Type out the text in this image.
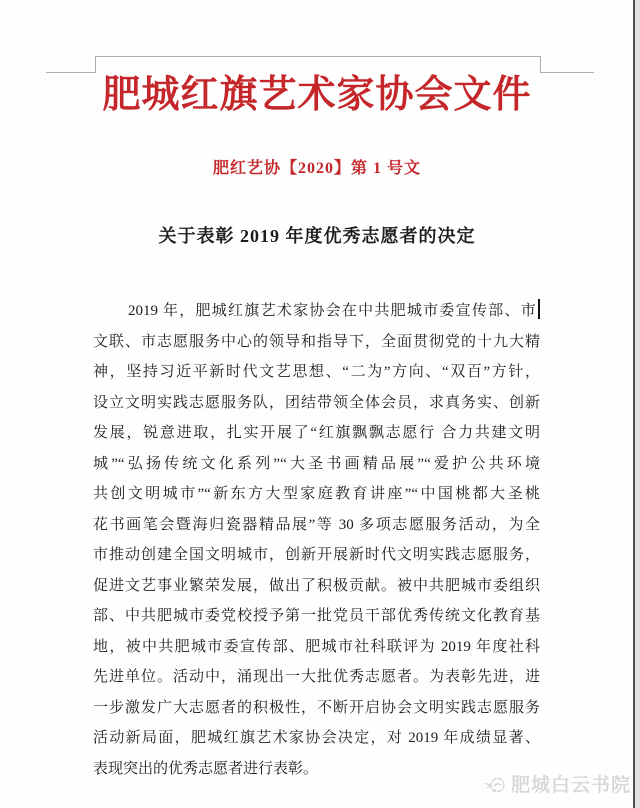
肥城红旗艺术家协会文件
肥红艺协【2020】第 1 号文
关于表彰 2019 年度优秀志愿者的决定
2019 年，肥城红旗艺术家协会在中共肥城市委宣传部、市
文联、市志愿服务中心的领导和指导下，全面贯彻党的十九大精
神，坚持习近平新时代文艺思想、“二为”方向、“双百”方针，
设立文明实践志愿服务队，团结带领全体会员，求真务实、创新
发展，锐意进取，扎实开展了“红旗飘飘志愿行 合力共建文明
城”“弘扬传统文化系列”“大圣书画精品展”“爱护公共环境
共创文明城市”“新东方大型家庭教育讲座”“中国桃都大圣桃
花书画笔会暨海归瓷器精品展”等 30 多项志愿服务活动，为全
市推动创建全国文明城市，创新开展新时代文明实践志愿服务，
促进文艺事业繁荣发展，做出了积极贡献。被中共肥城市委组织
部、中共肥城市委党校授予第一批党员干部优秀传统文化教育基
地，被中共肥城市委宣传部、肥城市社科联评为 2019 年度社科
先进单位。活动中，涌现出一大批优秀志愿者。为表彰先进，进
一步激发广大志愿者的积极性，不断开启协会文明实践志愿服务
活动新局面，肥城红旗艺术家协会决定，对 2019 年成绩显著、
表现突出的优秀志愿者进行表彰。
肥城白云书院
